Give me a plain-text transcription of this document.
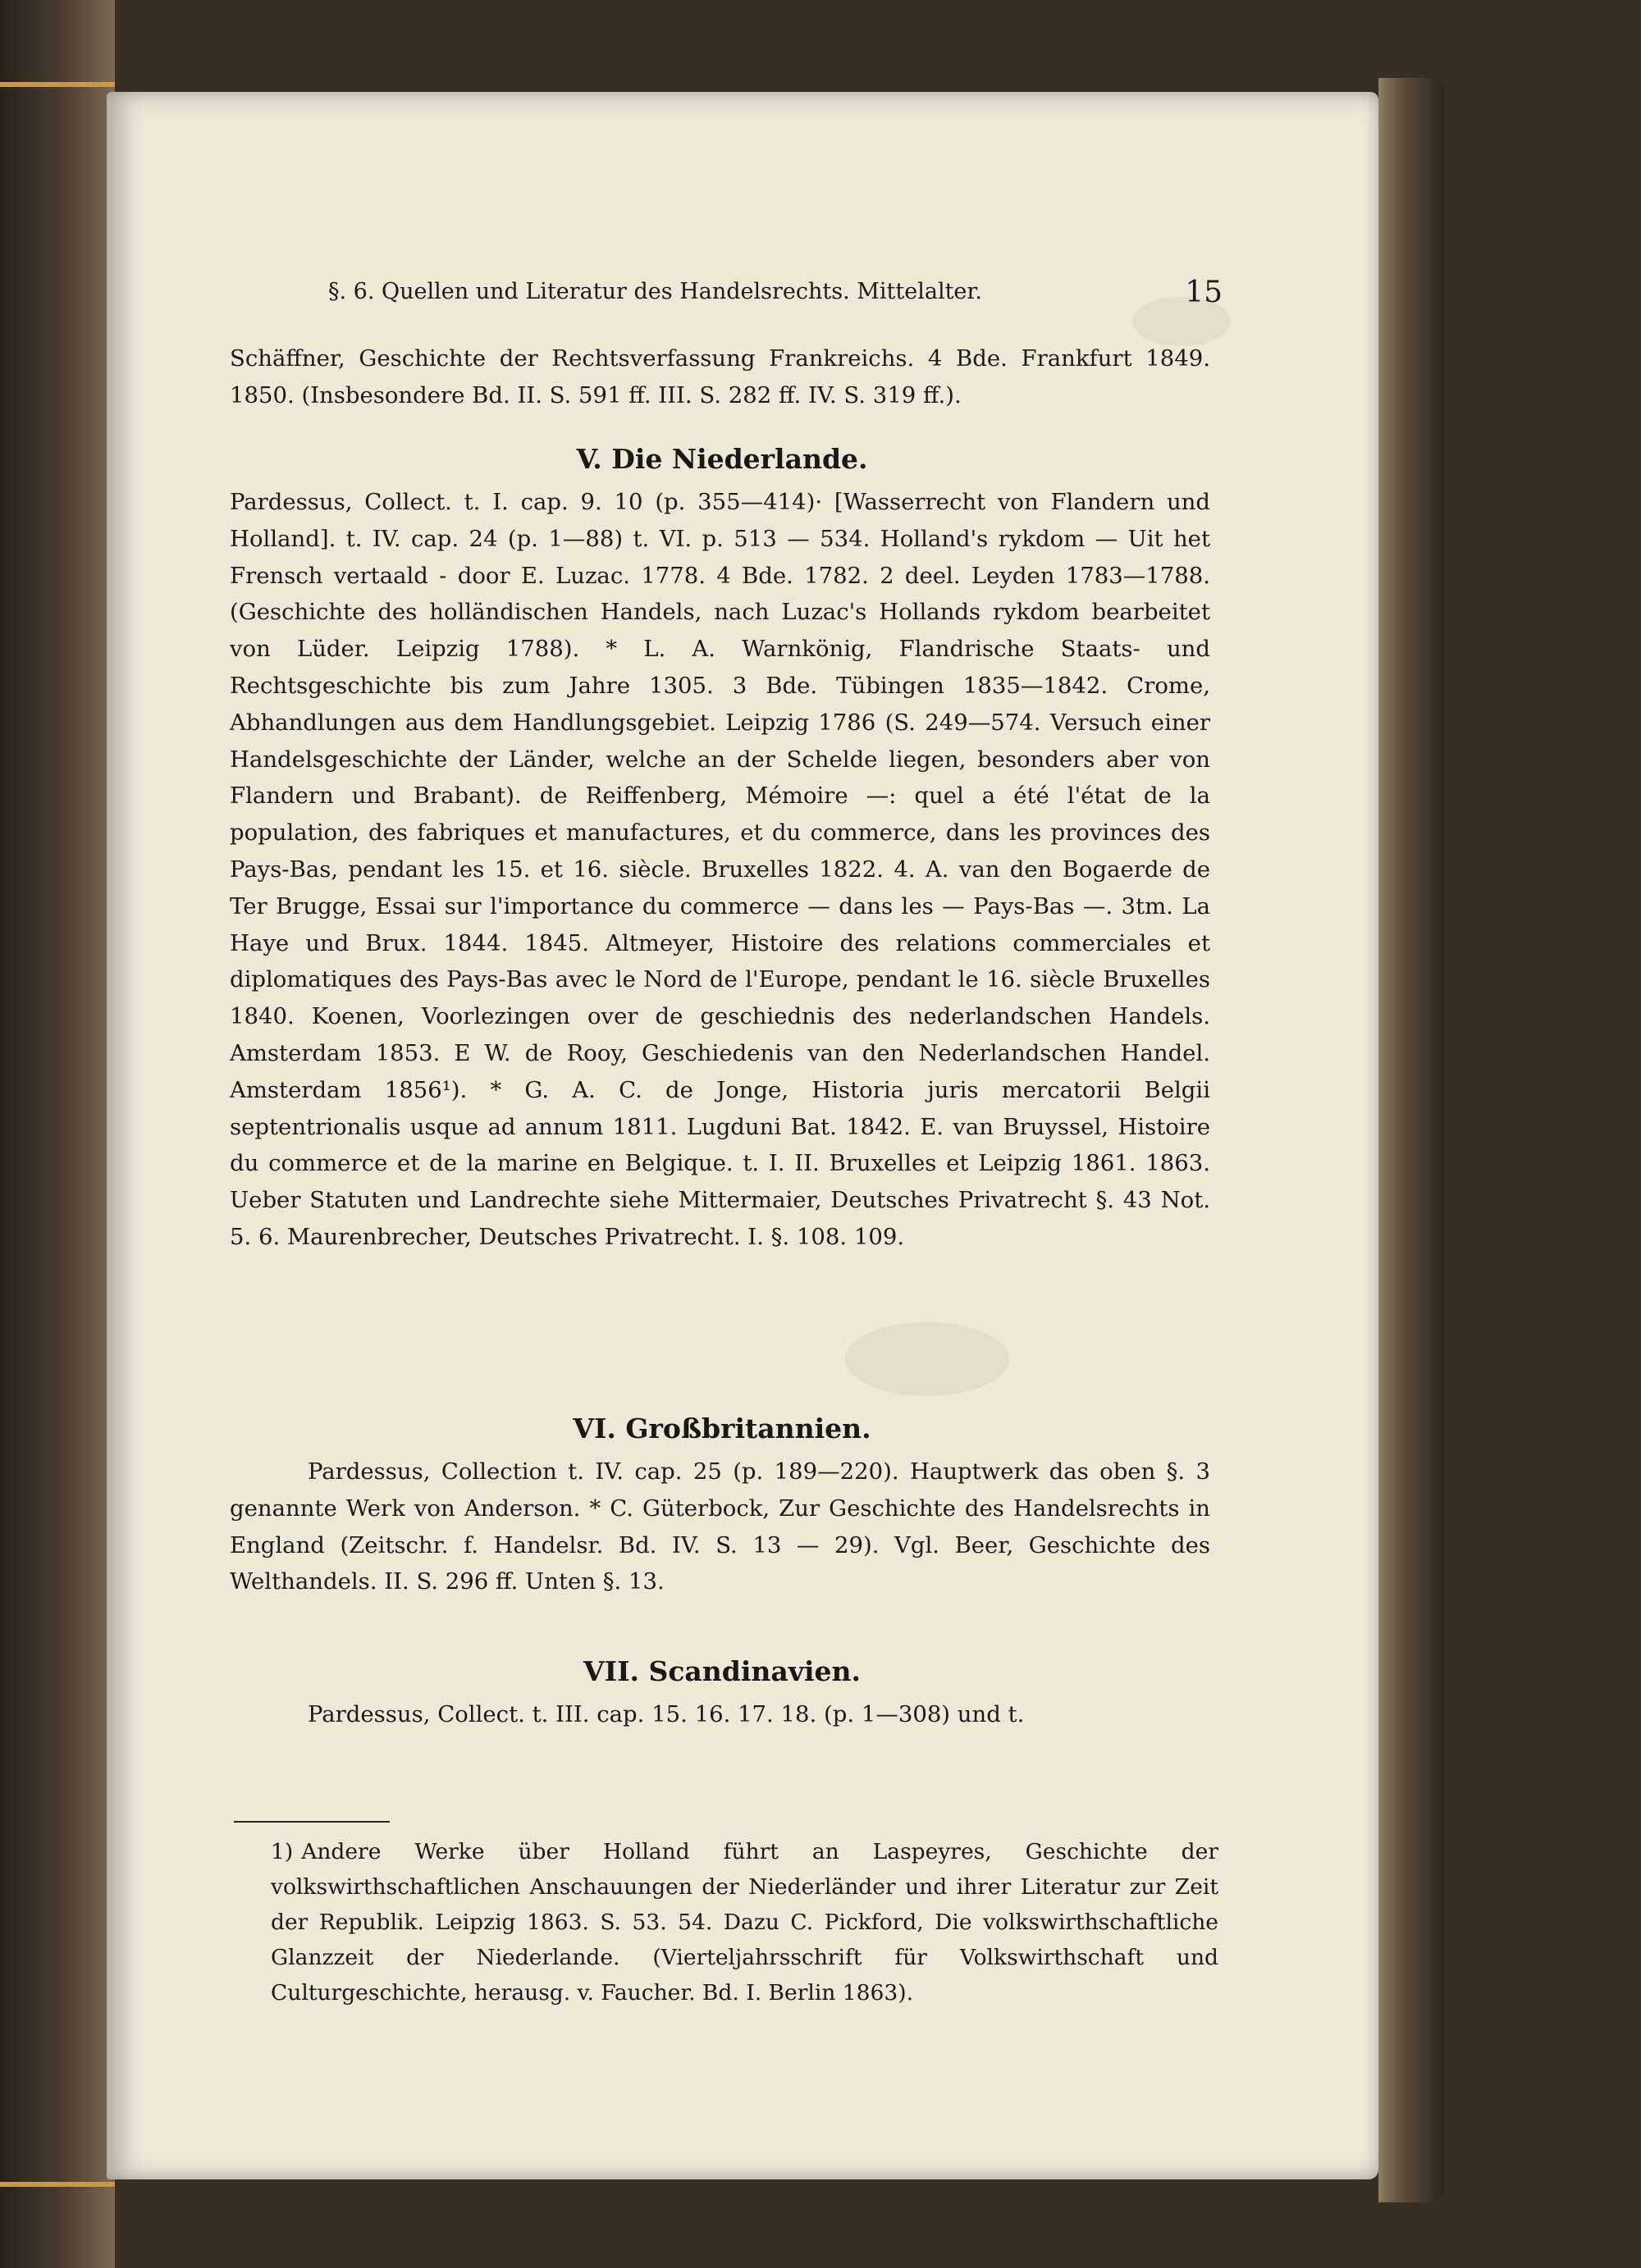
§. 6. Quellen und Literatur des Handelsrechts. Mittelalter.	15

Schäffner, Geschichte der Rechtsverfassung Frankreichs. 4 Bde. Frankfurt 1849. 1850. (Insbesondere Bd. II. S. 591 ff. III. S. 282 ff. IV. S. 319 ff.).

V. Die Niederlande.

Pardessus, Collect. t. I. cap. 9. 10 (p. 355—414)· [Wasserrecht von Flandern und Holland]. t. IV. cap. 24 (p. 1—88) t. VI. p. 513 — 534. Holland's rykdom — Uit het Frensch vertaald - door E. Luzac. 1778. 4 Bde. 1782. 2 deel. Leyden 1783—1788. (Geschichte des holländischen Handels, nach Luzac's Hollands rykdom bearbeitet von Lüder. Leipzig 1788). * L. A. Warnkönig, Flandrische Staats- und Rechtsgeschichte bis zum Jahre 1305. 3 Bde. Tübingen 1835—1842. Crome, Abhandlungen aus dem Handlungsgebiet. Leipzig 1786 (S. 249—574. Versuch einer Handelsgeschichte der Länder, welche an der Schelde liegen, besonders aber von Flandern und Brabant). de Reiffenberg, Mémoire —: quel a été l'état de la population, des fabriques et manufactures, et du commerce, dans les provinces des Pays-Bas, pendant les 15. et 16. siècle. Bruxelles 1822. 4. A. van den Bogaerde de Ter Brugge, Essai sur l'importance du commerce — dans les — Pays-Bas —. 3tm. La Haye und Brux. 1844. 1845. Altmeyer, Histoire des relations commerciales et diplomatiques des Pays-Bas avec le Nord de l'Europe, pendant le 16. siècle Bruxelles 1840. Koenen, Voorlezingen over de geschiednis des nederlandschen Handels. Amsterdam 1853. E W. de Rooy, Geschiedenis van den Nederlandschen Handel. Amsterdam 1856¹). * G. A. C. de Jonge, Historia juris mercatorii Belgii septentrionalis usque ad annum 1811. Lugduni Bat. 1842. E. van Bruyssel, Histoire du commerce et de la marine en Belgique. t. I. II. Bruxelles et Leipzig 1861. 1863. Ueber Statuten und Landrechte siehe Mittermaier, Deutsches Privatrecht §. 43 Not. 5. 6. Maurenbrecher, Deutsches Privatrecht. I. §. 108. 109.

VI. Großbritannien.

Pardessus, Collection t. IV. cap. 25 (p. 189—220). Hauptwerk das oben §. 3 genannte Werk von Anderson. * C. Güterbock, Zur Geschichte des Handelsrechts in England (Zeitschr. f. Handelsr. Bd. IV. S. 13 — 29). Vgl. Beer, Geschichte des Welthandels. II. S. 296 ff. Unten §. 13.

VII. Scandinavien.

Pardessus, Collect. t. III. cap. 15. 16. 17. 18. (p. 1—308) und t.

1) Andere Werke über Holland führt an Laspeyres, Geschichte der volkswirthschaftlichen Anschauungen der Niederländer und ihrer Literatur zur Zeit der Republik. Leipzig 1863. S. 53. 54. Dazu C. Pickford, Die volkswirthschaftliche Glanzzeit der Niederlande. (Vierteljahrsschrift für Volkswirthschaft und Culturgeschichte, herausg. v. Faucher. Bd. I. Berlin 1863).
